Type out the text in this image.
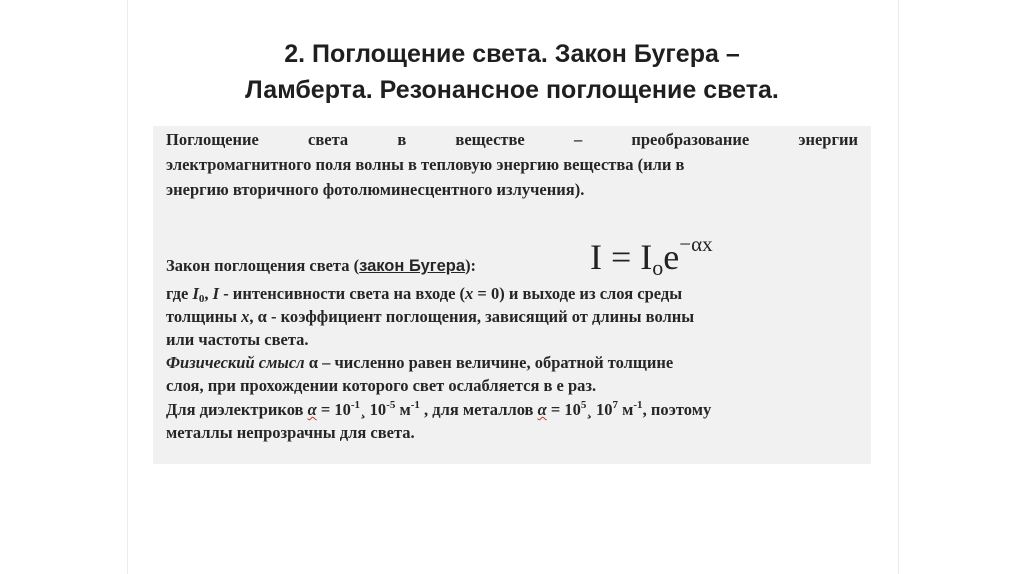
2. Поглощение света. Закон Бугера –
Ламберта. Резонансное поглощение света.
Поглощение	света	в	веществе	–	преобразование	энергии
электромагнитного поля волны в тепловую энергию вещества (или в
энергию вторичного фотолюминесцентного излучения).
Закон поглощения света (закон Бугера):
где $I_0$, I - интенсивности света на входе (x = 0) и выходе из слоя среды
толщины x, α - коэффициент поглощения, зависящий от длины волны
или частоты света.
Физический смысл α – численно равен величине, обратной толщине
слоя, при прохождении которого свет ослабляется в е раз.
Для диэлектриков $\alpha = 10^{-1}¸$ $10^{-5}$ $м^{-1}$ , для металлов $\alpha = 10^5¸$ $10^7$ $м^{-1}$, поэтому
металлы непрозрачны для света.
$I = I_oe^{-\alpha x}$
